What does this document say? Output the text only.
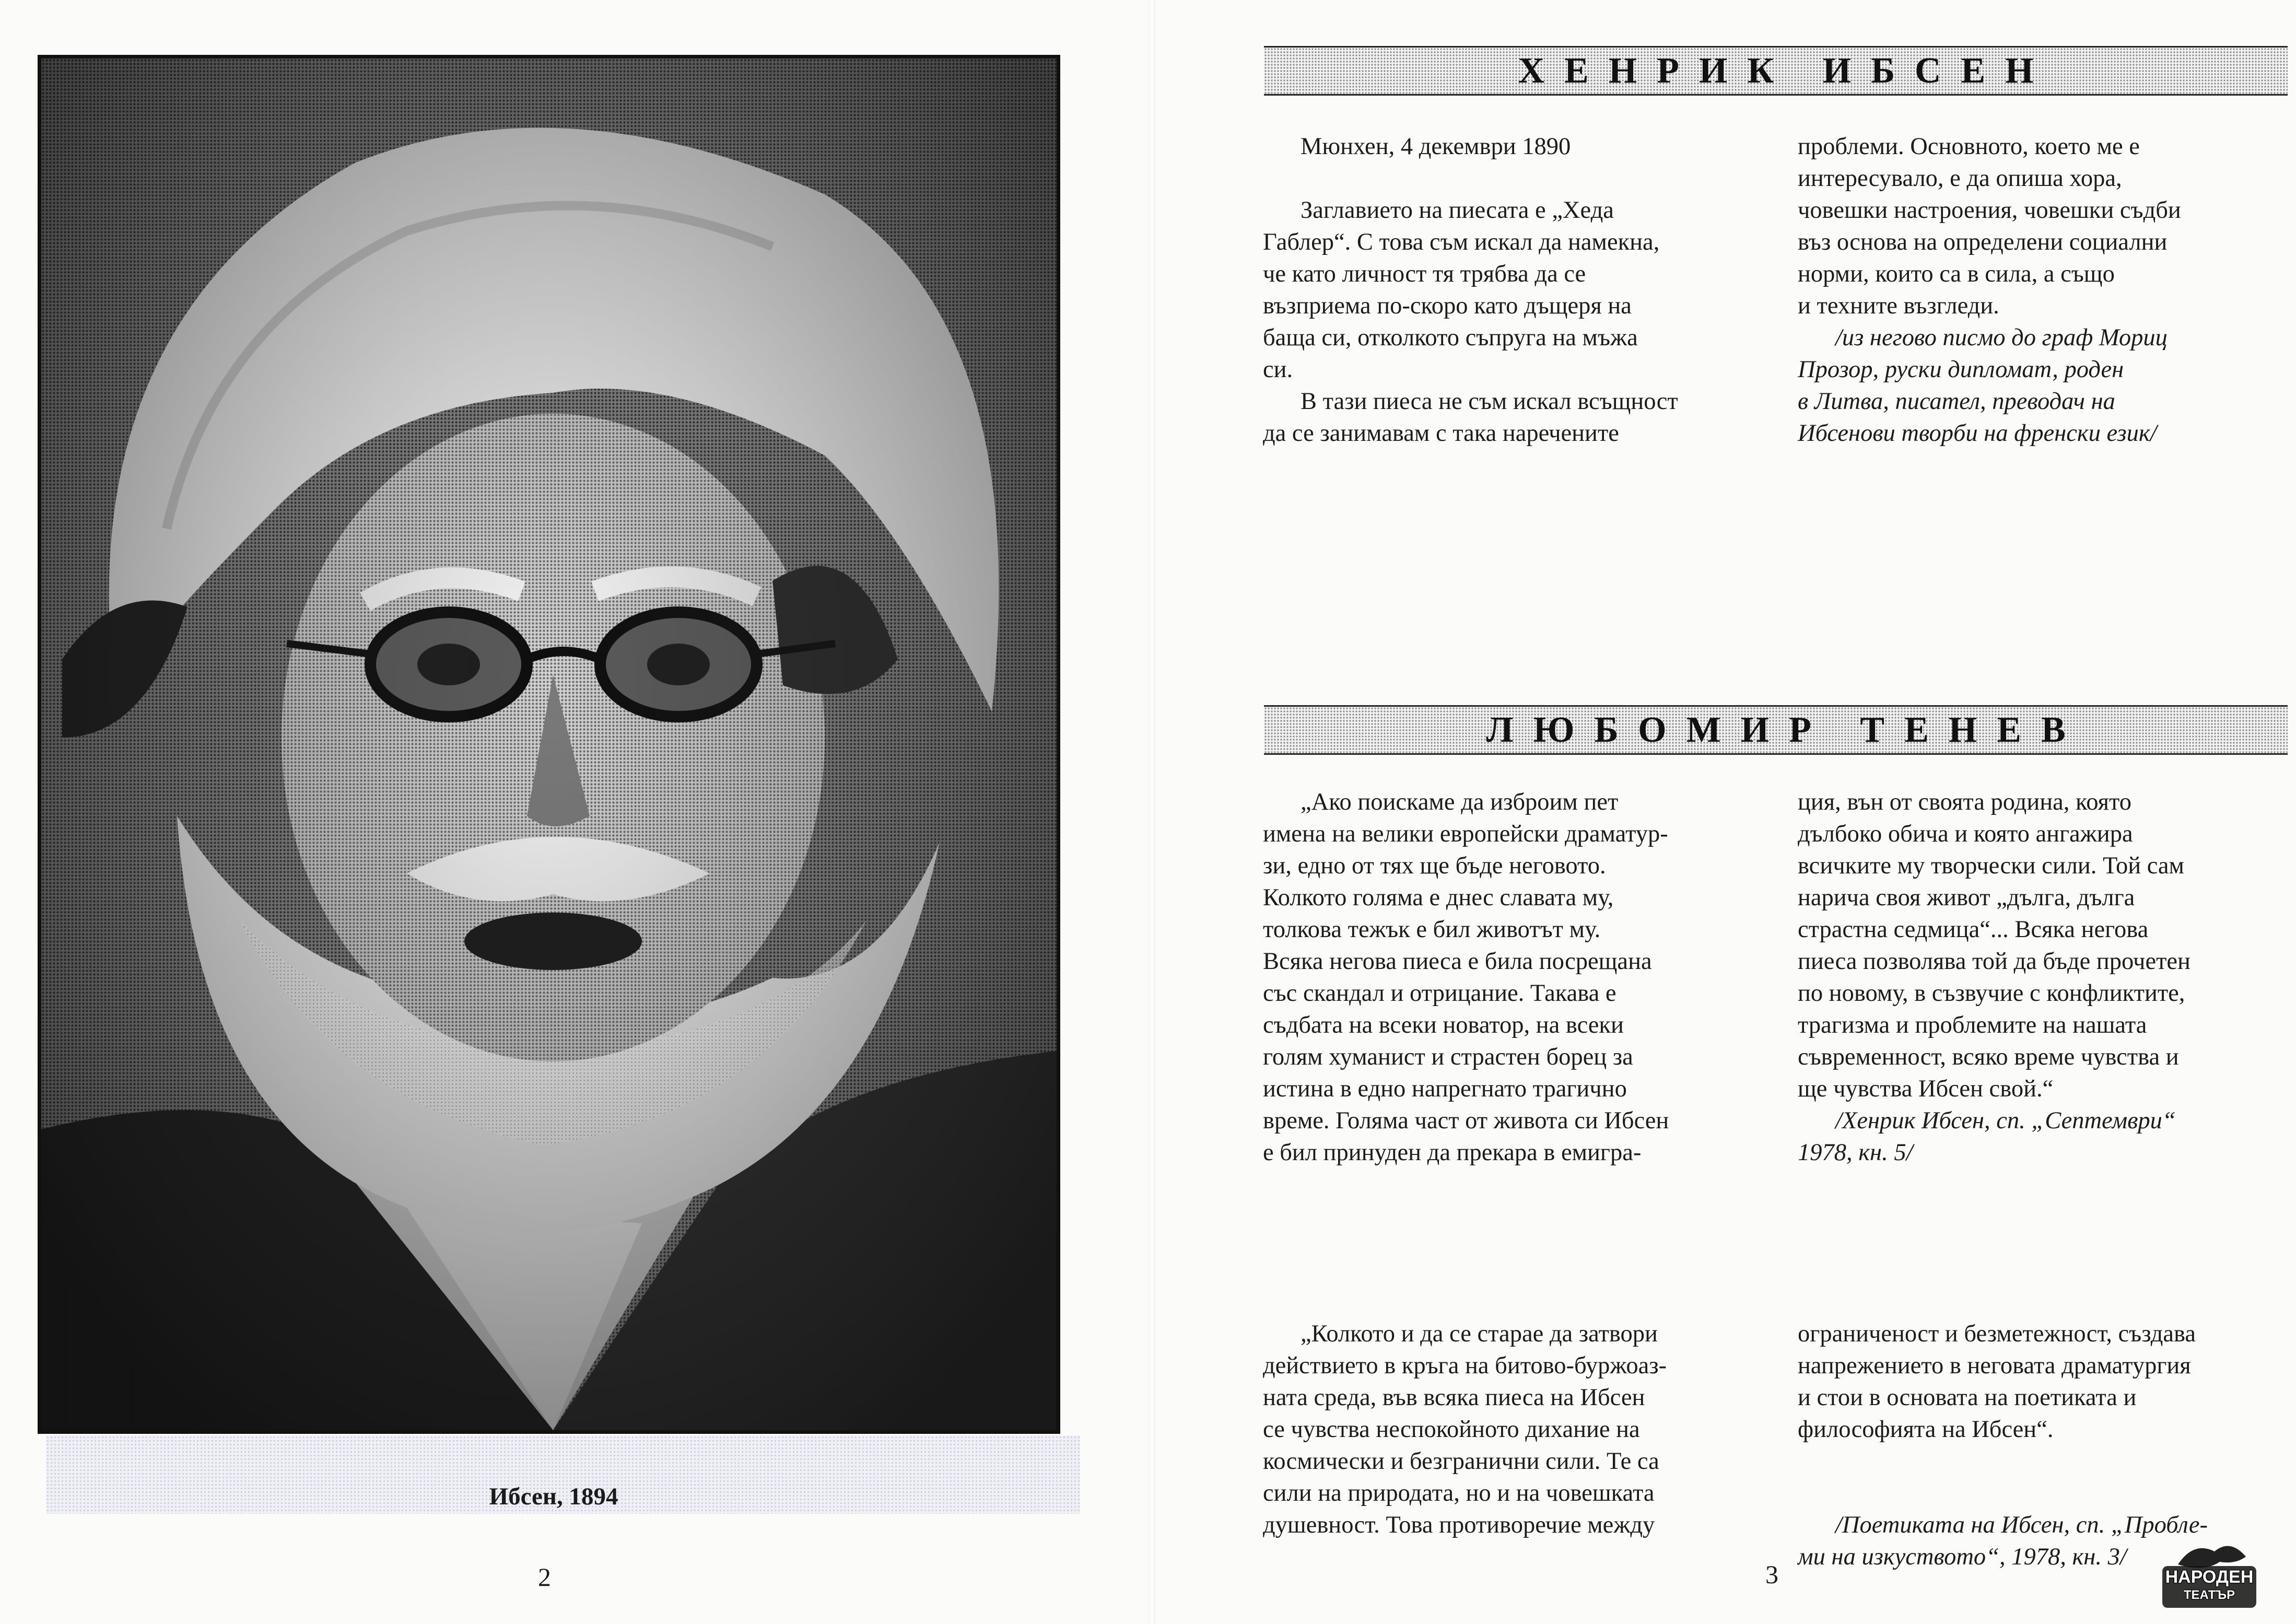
Ибсен, 1894
2
ХЕНРИК ИБСЕН

Мюнхен, 4 декември 1890

Заглавието на пиесата е „Хеда

Габлер“. С това съм искал да намекна,

че като личност тя трябва да се

възприема по-скоро като дъщеря на

баща си, отколкото съпруга на мъжа

си.

В тази пиеса не съм искал всъщност

да се занимавам с така наречените

проблеми. Основното, което ме е

интересувало, е да опиша хора,

човешки настроения, човешки съдби

въз основа на определени социални

норми, които са в сила, а също

и техните възгледи.

/из негово писмо до граф Мориц

Прозор, руски дипломат, роден

в Литва, писател, преводач на

Ибсенови творби на френски език/

ЛЮБОМИР ТЕНЕВ

„Ако поискаме да изброим пет

имена на велики европейски драматур-

зи, едно от тях ще бъде неговото.

Колкото голяма е днес славата му,

толкова тежък е бил животът му.

Всяка негова пиеса е била посрещана

със скандал и отрицание. Такава е

съдбата на всеки новатор, на всеки

голям хуманист и страстен борец за

истина в едно напрегнато трагично

време. Голяма част от живота си Ибсен

е бил принуден да прекара в емигра-

ция, вън от своята родина, която

дълбоко обича и която ангажира

всичките му творчески сили. Той сам

нарича своя живот „дълга, дълга

страстна седмица“... Всяка негова

пиеса позволява той да бъде прочетен

по новому, в съзвучие с конфликтите,

трагизма и проблемите на нашата

съвременност, всяко време чувства и

ще чувства Ибсен свой.“

/Хенрик Ибсен, сп. „Септември“

1978, кн. 5/

„Колкото и да се старае да затвори

действието в кръга на битово-буржоаз-

ната среда, във всяка пиеса на Ибсен

се чувства неспокойното дихание на

космически и безгранични сили. Те са

сили на природата, но и на човешката

душевност. Това противоречие между

ограниченост и безметежност, създава

напрежението в неговата драматургия

и стои в основата на поетиката и

философията на Ибсен“.

/Поетиката на Ибсен, сп. „Пробле-

ми на изкуството“, 1978, кн. 3/

3	НАРОДЕН
ТЕАТЪР
